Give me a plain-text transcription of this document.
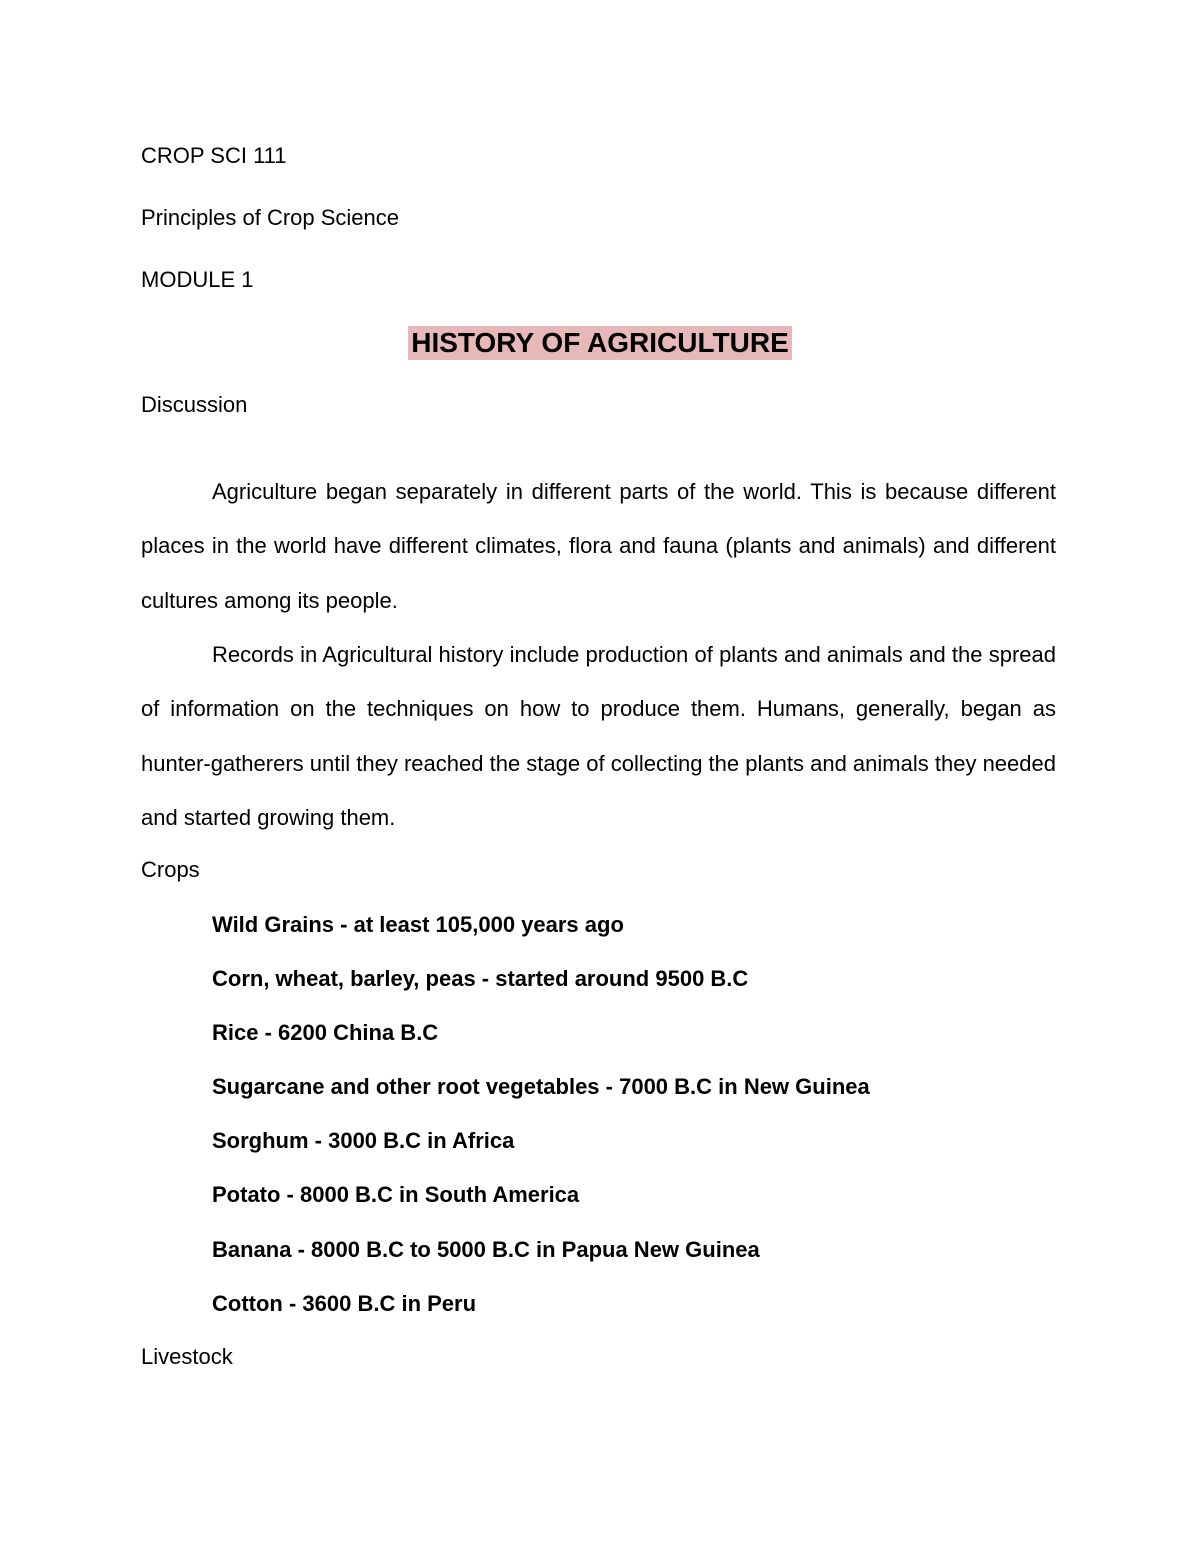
CROP SCI 111
Principles of Crop Science
MODULE 1
HISTORY OF AGRICULTURE
Discussion

Agriculture began separately in different parts of the world. This is because different places in the world have different climates, flora and fauna (plants and animals) and different cultures among its people.

Records in Agricultural history include production of plants and animals and the spread of information on the techniques on how to produce them. Humans, generally, began as hunter-gatherers until they reached the stage of collecting the plants and animals they needed and started growing them.

Crops
Wild Grains - at least 105,000 years ago
Corn, wheat, barley, peas - started around 9500 B.C
Rice - 6200 China B.C
Sugarcane and other root vegetables - 7000 B.C in New Guinea
Sorghum - 3000 B.C in Africa
Potato - 8000 B.C in South America
Banana - 8000 B.C to 5000 B.C in Papua New Guinea
Cotton - 3600 B.C in Peru
Livestock
